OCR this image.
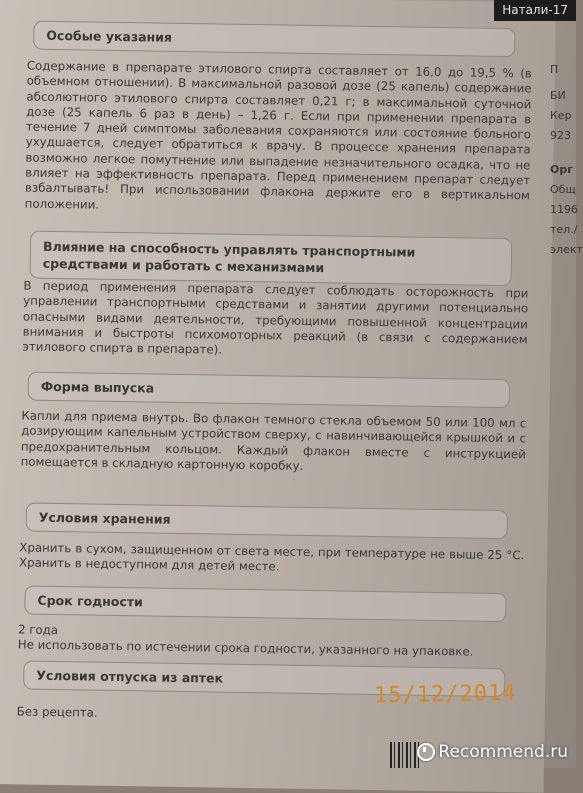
Особые указания
Содержание в препарате этилового спирта составляет от 16,0 до 19,5 % (в объемном отношении). В максимальной разовой дозе (25 капель) содержание абсолютного этилового спирта составляет 0,21 г; в максимальной суточной дозе (25 капель 6 раз в день) – 1,26 г. Если при применении препарата в течение 7 дней симптомы заболевания сохраняются или состояние больного ухудшается, следует обратиться к врачу. В процессе хранения препарата возможно легкое помутнение или выпадение незначительного осадка, что не влияет на эффективность препарата. Перед применением препарат следует взбалтывать! При использовании флакона держите его в вертикальном положении.
Влияние на способность управлять транспортными средствами и работать с механизмами
В период применения препарата следует соблюдать осторожность при управлении транспортными средствами и занятии другими потенциально опасными видами деятельности, требующими повышенной концентрации внимания и быстроты психомоторных реакций (в связи с содержанием этилового спирта в препарате).
Форма выпуска
Капли для приема внутрь. Во флакон темного стекла объемом 50 или 100 мл с дозирующим капельным устройством сверху, с навинчивающейся крышкой и с предохранительным кольцом. Каждый флакон вместе с инструкцией помещается в складную картонную коробку.
Условия хранения
Хранить в сухом, защищенном от света месте, при температуре не выше 25 °С. Хранить в недоступном для детей месте.
Срок годности
2 года
Не использовать по истечении срока годности, указанного на упаковке.
Условия отпуска из аптек
Без рецепта.
П
БИ
Кер
923
Орг
Общ
1196
тел./
элект
Натали-17
15/12/2014
Recommend.ru
